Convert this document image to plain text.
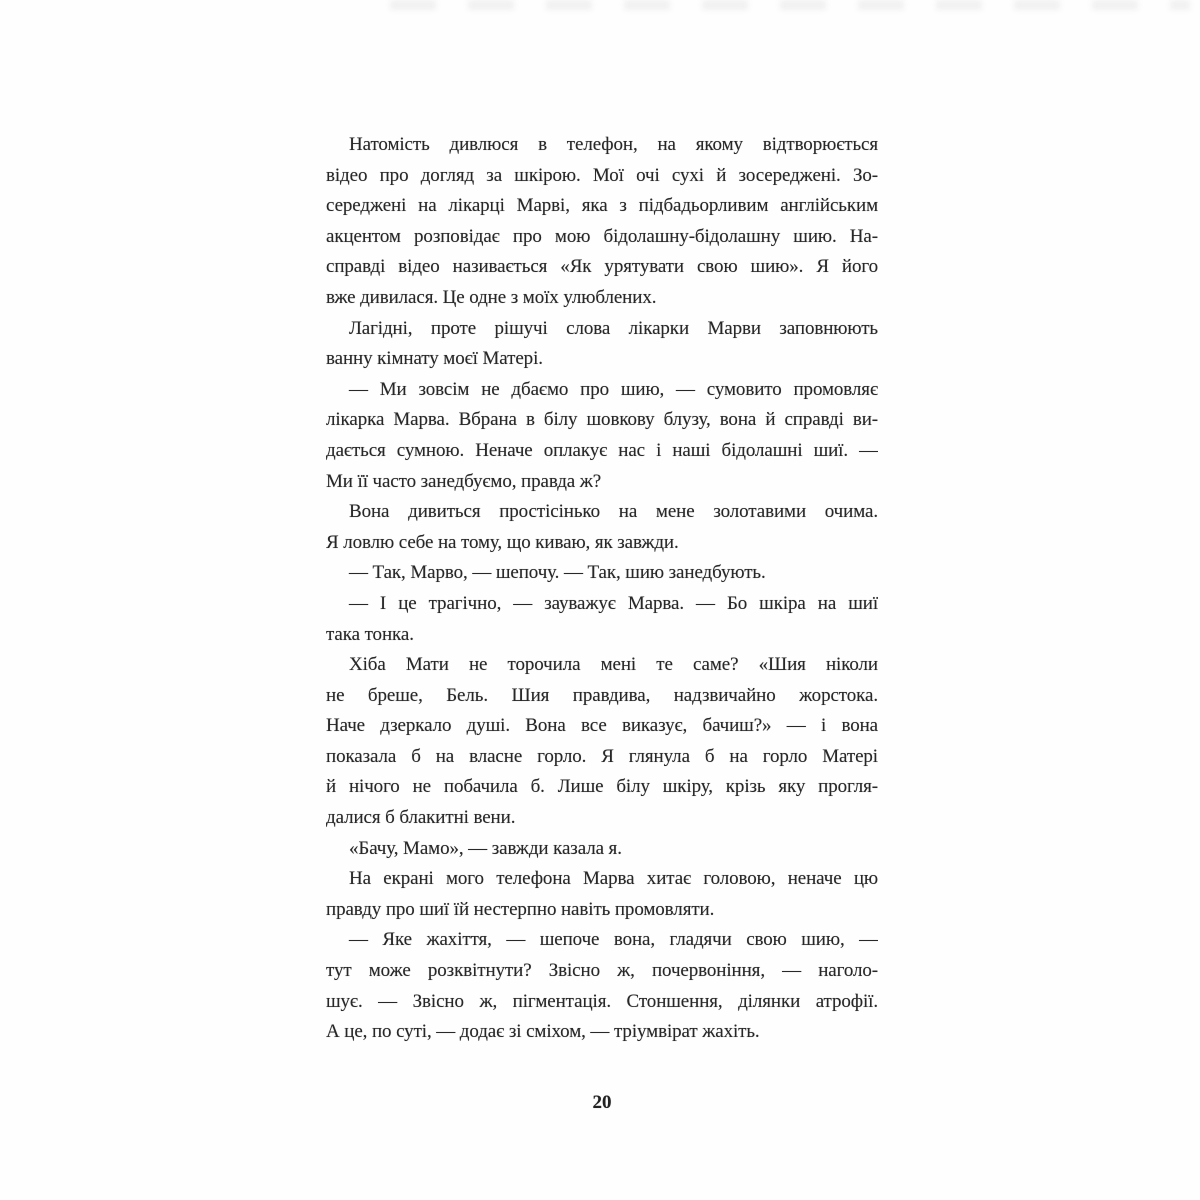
Натомість дивлюся в телефон, на якому відтворюється
відео про догляд за шкірою. Мої очі сухі й зосереджені. Зо-
середжені на лікарці Марві, яка з підбадьорливим англійським
акцентом розповідає про мою бідолашну-бідолашну шию. На-
справді відео називається «Як урятувати свою шию». Я його
вже дивилася. Це одне з моїх улюблених.

Лагідні, проте рішучі слова лікарки Марви заповнюють
ванну кімнату моєї Матері.

— Ми зовсім не дбаємо про шию, — сумовито промовляє
лікарка Марва. Вбрана в білу шовкову блузу, вона й справді ви-
дається сумною. Неначе оплакує нас і наші бідолашні шиї. —
Ми її часто занедбуємо, правда ж?

Вона дивиться простісінько на мене золотавими очима.
Я ловлю себе на тому, що киваю, як завжди.

— Так, Марво, — шепочу. — Так, шию занедбують.

— І це трагічно, — зауважує Марва. — Бо шкіра на шиї
така тонка.

Хіба Мати не торочила мені те саме? «Шия ніколи
не бреше, Бель. Шия правдива, надзвичайно жорстока.
Наче дзеркало душі. Вона все виказує, бачиш?» — і вона
показала б на власне горло. Я глянула б на горло Матері
й нічого не побачила б. Лише білу шкіру, крізь яку прогля-
далися б блакитні вени.

«Бачу, Мамо», — завжди казала я.

На екрані мого телефона Марва хитає головою, неначе цю
правду про шиї їй нестерпно навіть промовляти.

— Яке жахіття, — шепоче вона, гладячи свою шию, —
тут може розквітнути? Звісно ж, почервоніння, — наголо-
шує. — Звісно ж, пігментація. Стоншення, ділянки атрофії.
А це, по суті, — додає зі сміхом, — тріумвірат жахіть.

20
